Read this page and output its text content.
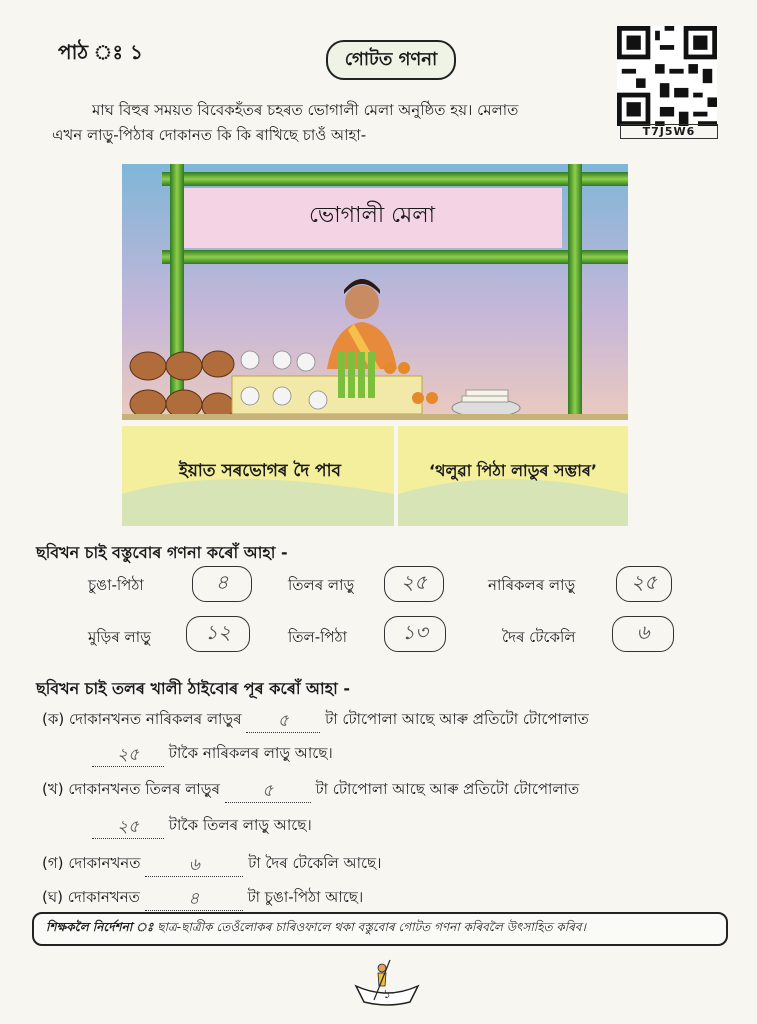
পাঠ ঃ ১	গোটত গণনা
T7J5W6
মাঘ বিহুৰ সময়ত বিবেকহঁতৰ চহৰত ভোগালী মেলা অনুষ্ঠিত হয়। মেলাত
এখন লাড়ু-পিঠাৰ দোকানত কি কি ৰাখিছে চাওঁ আহা-
ভোগালী মেলা
ইয়াত সৰভোগৰ দৈ পাব	‘থলুৱা পিঠা লাডুৰ সম্ভাৰ’
ছবিখন চাই বস্তুবোৰ গণনা কৰোঁ আহা -
চুঙা-পিঠা	৪	তিলৰ লাড়ু	২৫	নাৰিকলৰ লাড়ু	২৫
মুড়িৰ লাড়ু	১২	তিল-পিঠা	১৩	দৈৰ টেকেলি	৬
ছবিখন চাই তলৰ খালী ঠাইবোৰ পূৰ কৰোঁ আহা -
(ক) দোকানখনত নাৰিকলৰ লাড়ুৰ ৫ টা টোপোলা আছে আৰু প্ৰতিটো টোপোলাত
২৫ টাকৈ নাৰিকলৰ লাড়ু আছে।
(খ) দোকানখনত তিলৰ লাড়ুৰ ৫	টা টোপোলা আছে আৰু প্ৰতিটো টোপোলাত
২৫ টাকৈ তিলৰ লাড়ু আছে।
(গ) দোকানখনত	৬	টা দৈৰ টেকেলি আছে।
(ঘ) দোকানখনত	৪	টা চুঙা-পিঠা আছে।
শিক্ষকলৈ নিৰ্দেশনা ঃ ছাত্ৰ-ছাত্ৰীক তেওঁলোকৰ চাৰিওফালে থকা বস্তুবোৰ গোটত গণনা কৰিবলৈ উৎসাহিত কৰিব।
১
